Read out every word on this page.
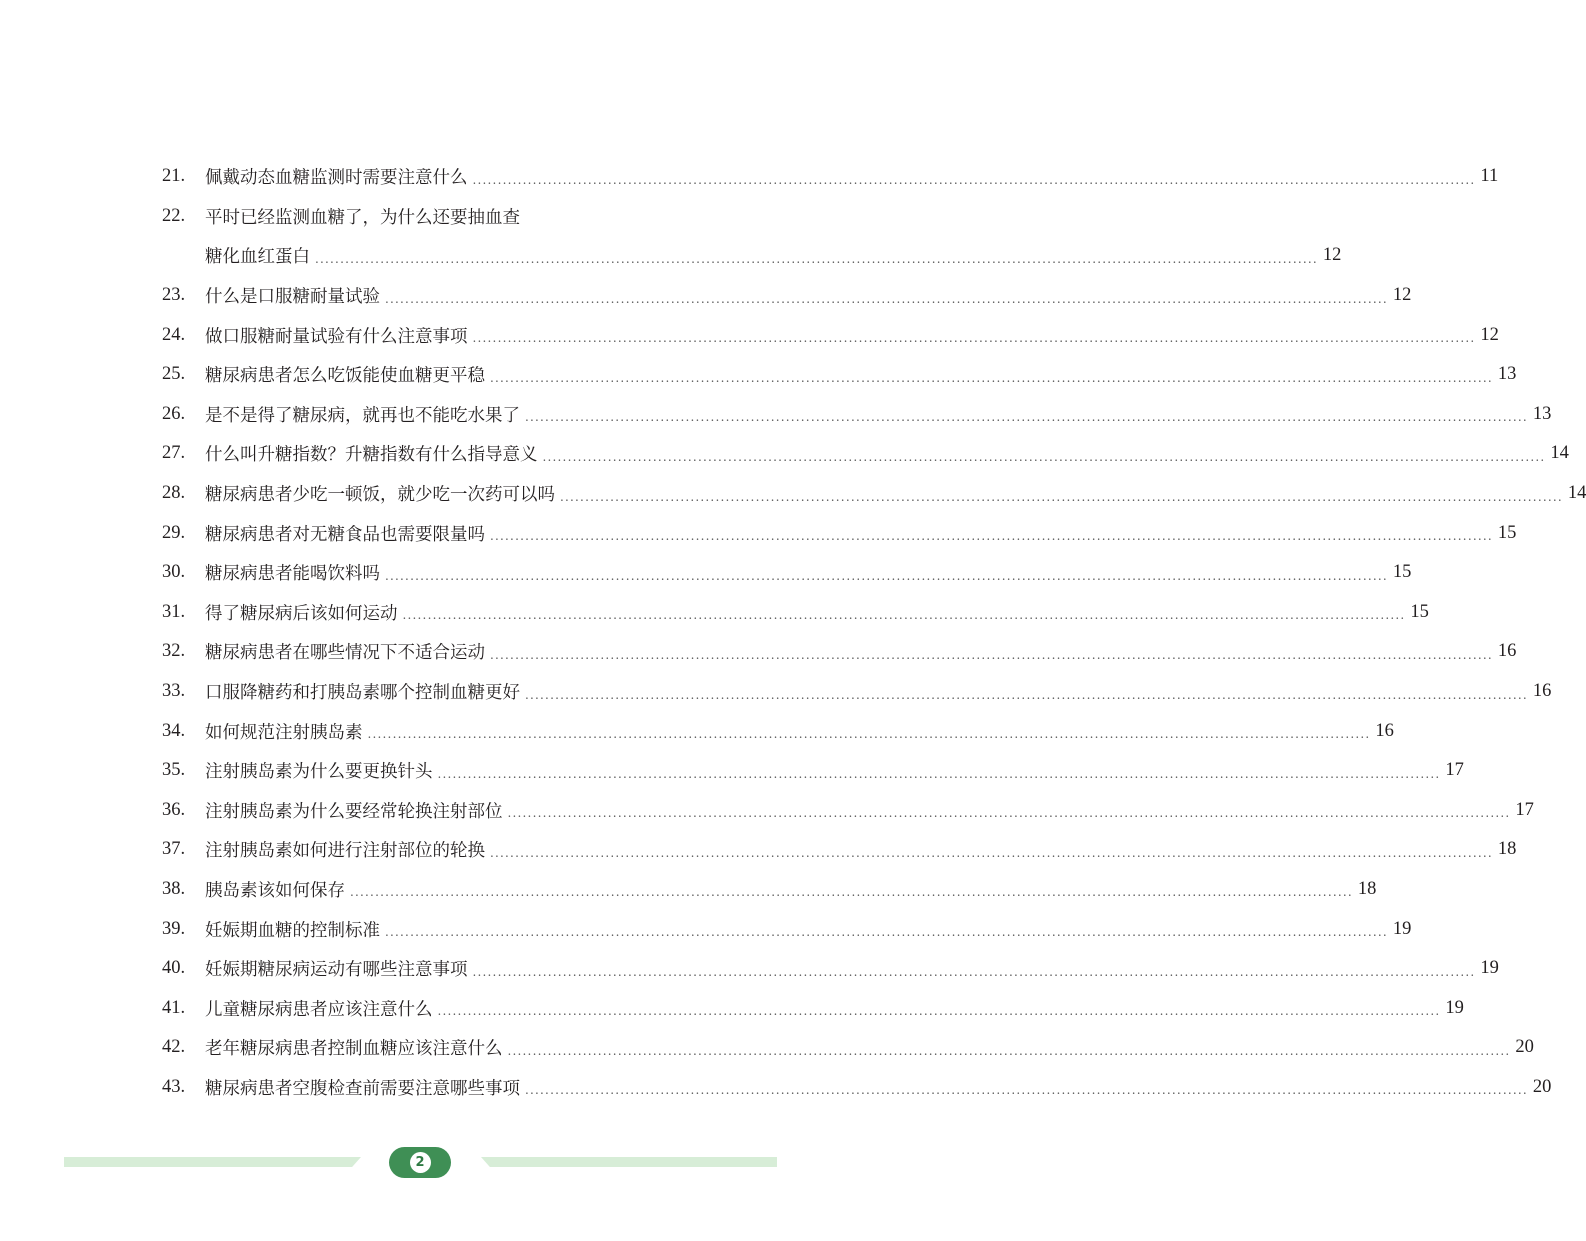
21.	佩戴动态血糖监测时需要注意什么 ........................................................................................................................................................................................................ 11
22.	平时已经监测血糖了，为什么还要抽血查
糖化血红蛋白 ........................................................................................................................................................................................................ 12
23.	什么是口服糖耐量试验 ........................................................................................................................................................................................................ 12
24.	做口服糖耐量试验有什么注意事项 ........................................................................................................................................................................................................ 12
25.	糖尿病患者怎么吃饭能使血糖更平稳 ........................................................................................................................................................................................................ 13
26.	是不是得了糖尿病，就再也不能吃水果了 ........................................................................................................................................................................................................ 13
27.	什么叫升糖指数？升糖指数有什么指导意义 ........................................................................................................................................................................................................ 14
28.	糖尿病患者少吃一顿饭，就少吃一次药可以吗 ........................................................................................................................................................................................................ 14
29.	糖尿病患者对无糖食品也需要限量吗 ........................................................................................................................................................................................................ 15
30.	糖尿病患者能喝饮料吗 ........................................................................................................................................................................................................ 15
31.	得了糖尿病后该如何运动 ........................................................................................................................................................................................................ 15
32.	糖尿病患者在哪些情况下不适合运动 ........................................................................................................................................................................................................ 16
33.	口服降糖药和打胰岛素哪个控制血糖更好 ........................................................................................................................................................................................................ 16
34.	如何规范注射胰岛素 ........................................................................................................................................................................................................ 16
35.	注射胰岛素为什么要更换针头 ........................................................................................................................................................................................................ 17
36.	注射胰岛素为什么要经常轮换注射部位 ........................................................................................................................................................................................................ 17
37.	注射胰岛素如何进行注射部位的轮换 ........................................................................................................................................................................................................ 18
38.	胰岛素该如何保存 ........................................................................................................................................................................................................ 18
39.	妊娠期血糖的控制标准 ........................................................................................................................................................................................................ 19
40.	妊娠期糖尿病运动有哪些注意事项 ........................................................................................................................................................................................................ 19
41.	儿童糖尿病患者应该注意什么 ........................................................................................................................................................................................................ 19
42.	老年糖尿病患者控制血糖应该注意什么 ........................................................................................................................................................................................................ 20
43.	糖尿病患者空腹检查前需要注意哪些事项 ........................................................................................................................................................................................................ 20
2
